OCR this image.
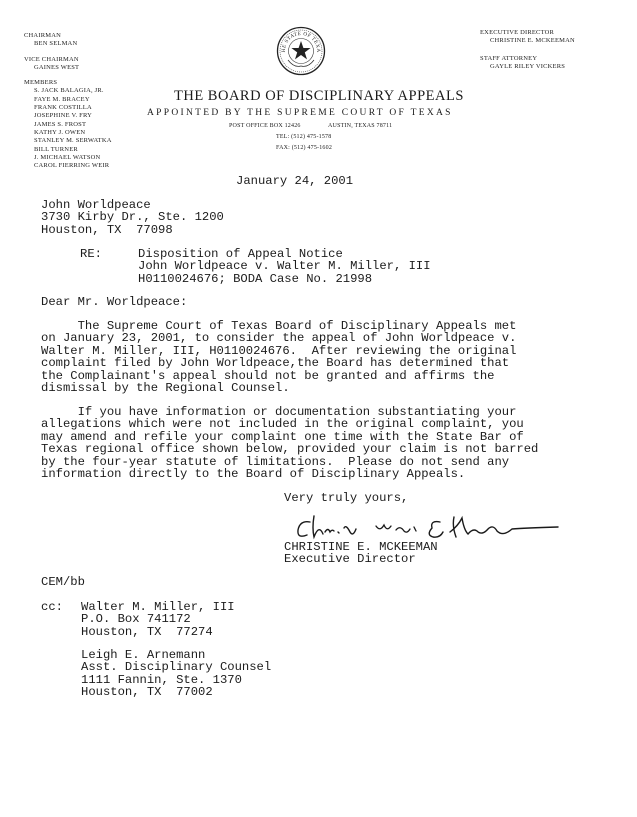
CHAIRMAN
BEN SELMAN
VICE CHAIRMAN
GAINES WEST
MEMBERS
S. JACK BALAGIA, JR.
FAYE M. BRACEY
FRANK COSTILLA
JOSEPHINE V. FRY
JAMES S. FROST
KATHY J. OWEN
STANLEY M. SERWATKA
BILL TURNER
J. MICHAEL WATSON
CAROL FIERRING WEIR
EXECUTIVE DIRECTOR
CHRISTINE E. MCKEEMAN
STAFF ATTORNEY
GAYLE RILEY VICKERS
HE STATE OF TEXA
THE BOARD OF DISCIPLINARY APPEALS
APPOINTED BY THE SUPREME COURT OF TEXAS
POST OFFICE BOX 12426	AUSTIN, TEXAS 78711
TEL: (512) 475-1578
FAX: (512) 475-1602
January 24, 2001
John Worldpeace
3730 Kirby Dr., Ste. 1200
Houston, TX  77098
RE:	Disposition of Appeal Notice
John Worldpeace v. Walter M. Miller, III
H0110024676; BODA Case No. 21998
Dear Mr. Worldpeace:
The Supreme Court of Texas Board of Disciplinary Appeals met
on January 23, 2001, to consider the appeal of John Worldpeace v.
Walter M. Miller, III, H0110024676.  After reviewing the original
complaint filed by John Worldpeace,the Board has determined that
the Complainant's appeal should not be granted and affirms the
dismissal by the Regional Counsel.
If you have information or documentation substantiating your
allegations which were not included in the original complaint, you
may amend and refile your complaint one time with the State Bar of
Texas regional office shown below, provided your claim is not barred
by the four-year statute of limitations.  Please do not send any
information directly to the Board of Disciplinary Appeals.
Very truly yours,
CHRISTINE E. MCKEEMAN
Executive Director
CEM/bb
cc: Walter M. Miller, III
P.O. Box 741172
Houston, TX  77274
Leigh E. Arnemann
Asst. Disciplinary Counsel
1111 Fannin, Ste. 1370
Houston, TX  77002
